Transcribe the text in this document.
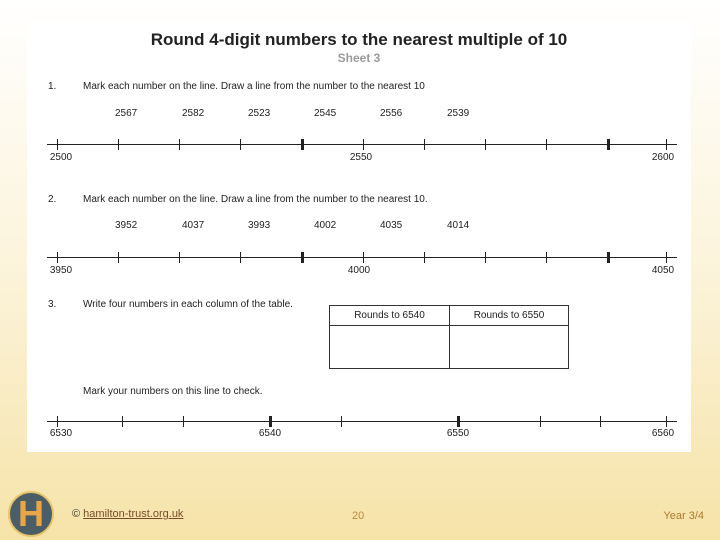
Round 4-digit numbers to the nearest multiple of 10
Sheet 3
1.	Mark each number on the line. Draw a line from the number to the nearest 10
2567	2582	2523	2545	2556	2539
2500	2550	2600
2.	Mark each number on the line. Draw a line from the number to the nearest 10.
3952	4037	3993	4002	4035	4014
3950	4000	4050
3.	Write four numbers in each column of the table.
Rounds to 6540	Rounds to 6550
Mark your numbers on this line to check.
6530	6540	6550	6560
H	© hamilton-trust.org.uk	20	Year 3/4
